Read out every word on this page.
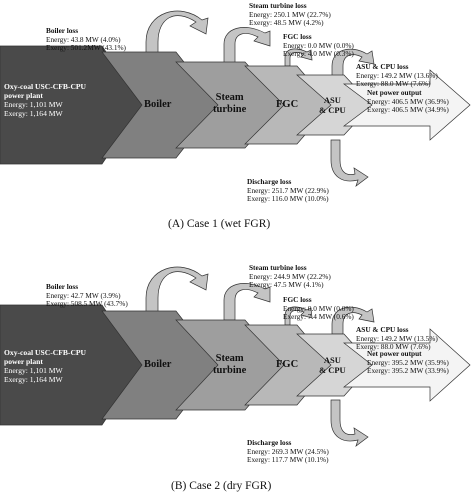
Boiler loss
Energy: 43.8 MW (4.0%)
Exergy: 501.2MW (43.1%)
Steam turbine loss
Energy: 250.1 MW (22.7%)
Exergy: 48.5 MW (4.2%)
FGC loss
Energy: 0.0 MW (0.0%)
Exergy: 4.0 MW (0.3%)
ASU & CPU loss
Energy: 149.2 MW (13.6%)
Exergy: 88.0 MW (7.6%)
Oxy-coal USC-CFB-CPU
power plant
Energy: 1,101 MW
Exergy: 1,164 MW
Boiler
Steam
turbine	FGC	ASU
& CPU
Net power output
Energy: 406.5 MW (36.9%)
Exergy: 406.5 MW (34.9%)
Discharge loss
Energy: 251.7 MW (22.9%)
Exergy: 116.0 MW (10.0%)
(A) Case 1 (wet FGR)
Boiler loss
Energy: 42.7 MW (3.9%)
Exergy: 508.5 MW (43.7%)
Steam turbine loss
Energy: 244.9 MW (22.2%)
Exergy: 47.5 MW (4.1%)
FGC loss
Energy: 0.0 MW (0.0%)
Exergy: 7.4 MW (0.6%)
ASU & CPU loss
Energy: 149.2 MW (13.5%)
Exergy: 88.0 MW (7.6%)
Oxy-coal USC-CFB-CPU
power plant
Energy: 1,101 MW
Exergy: 1,164 MW
Boiler
Steam
turbine
FGC	ASU
& CPU
Net power output
Energy: 395.2 MW (35.9%)
Exergy: 395.2 MW (33.9%)
Discharge loss
Energy: 269.3 MW (24.5%)
Exergy: 117.7 MW (10.1%)
(B) Case 2 (dry FGR)
